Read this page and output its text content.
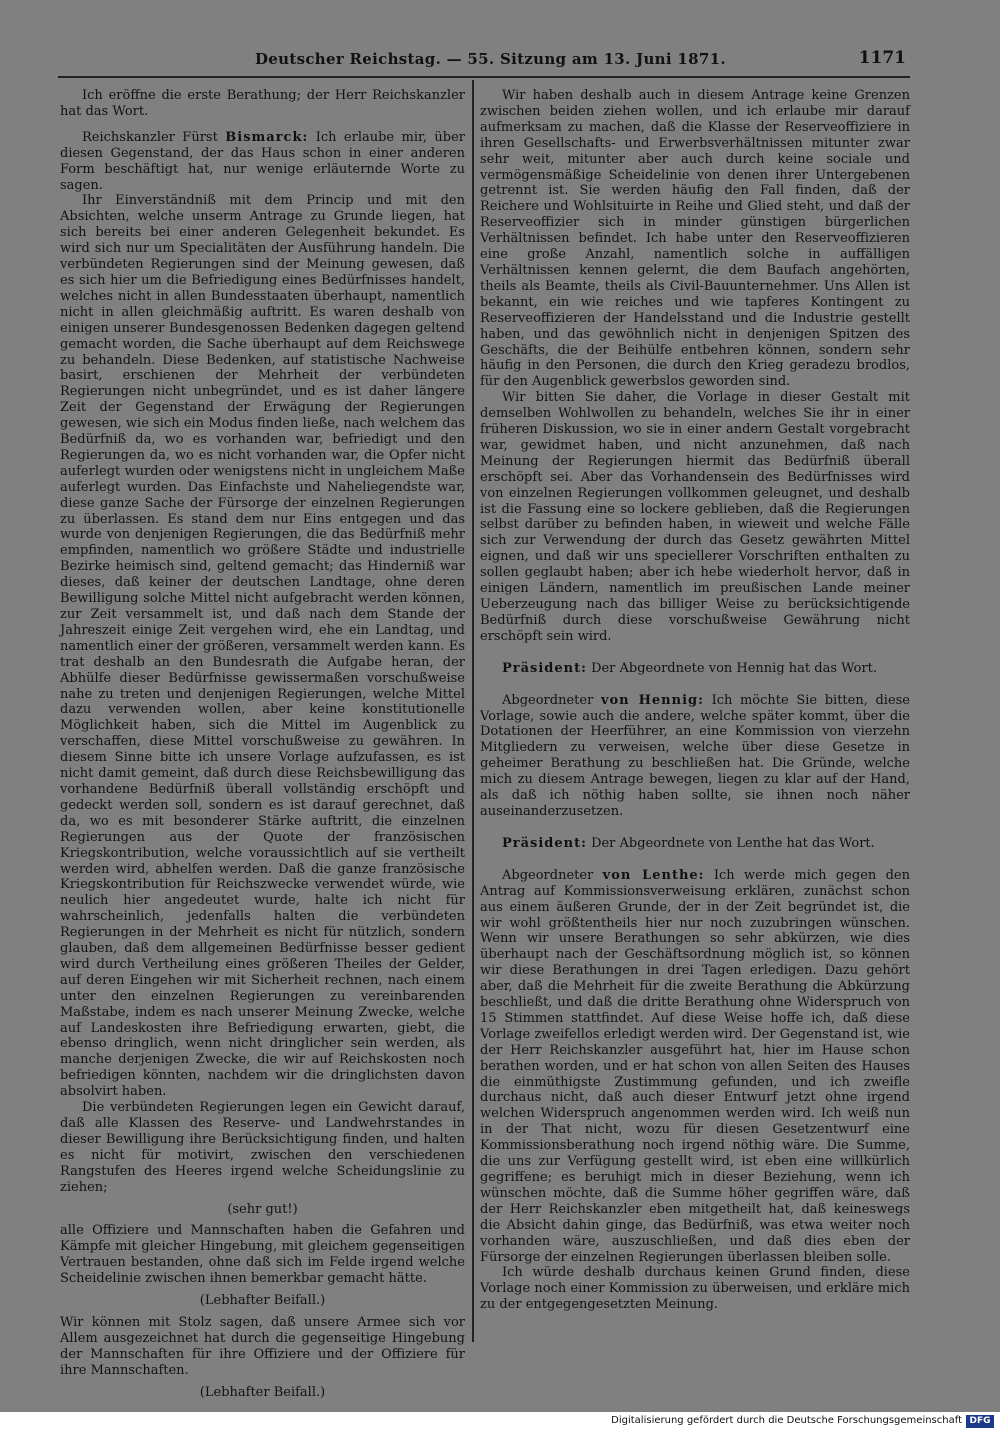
Deutscher Reichstag. — 55. Sitzung am 13. Juni 1871.	1171

Ich eröffne die erste Berathung; der Herr Reichskanzler hat das Wort.

Reichskanzler Fürst Bismarck: Ich erlaube mir, über diesen Gegenstand, der das Haus schon in einer anderen Form beschäftigt hat, nur wenige erläuternde Worte zu sagen.

Ihr Einverständniß mit dem Princip und mit den Absichten, welche unserm Antrage zu Grunde liegen, hat sich bereits bei einer anderen Gelegenheit bekundet. Es wird sich nur um Specialitäten der Ausführung handeln. Die verbündeten Regierungen sind der Meinung gewesen, daß es sich hier um die Befriedigung eines Bedürfnisses handelt, welches nicht in allen Bundesstaaten überhaupt, namentlich nicht in allen gleichmäßig auftritt. Es waren deshalb von einigen unserer Bundesgenossen Bedenken dagegen geltend gemacht worden, die Sache überhaupt auf dem Reichswege zu behandeln. Diese Bedenken, auf statistische Nachweise basirt, erschienen der Mehrheit der verbündeten Regierungen nicht unbegründet, und es ist daher längere Zeit der Gegenstand der Erwägung der Regierungen gewesen, wie sich ein Modus finden ließe, nach welchem das Bedürfniß da, wo es vorhanden war, befriedigt und den Regierungen da, wo es nicht vorhanden war, die Opfer nicht auferlegt wurden oder wenigstens nicht in ungleichem Maße auferlegt wurden. Das Einfachste und Naheliegendste war, diese ganze Sache der Fürsorge der einzelnen Regierungen zu überlassen. Es stand dem nur Eins entgegen und das wurde von denjenigen Regierungen, die das Bedürfniß mehr empfinden, namentlich wo größere Städte und industrielle Bezirke heimisch sind, geltend gemacht; das Hinderniß war dieses, daß keiner der deutschen Landtage, ohne deren Bewilligung solche Mittel nicht aufgebracht werden können, zur Zeit versammelt ist, und daß nach dem Stande der Jahreszeit einige Zeit vergehen wird, ehe ein Landtag, und namentlich einer der größeren, versammelt werden kann. Es trat deshalb an den Bundesrath die Aufgabe heran, der Abhülfe dieser Bedürfnisse gewissermaßen vorschußweise nahe zu treten und denjenigen Regierungen, welche Mittel dazu verwenden wollen, aber keine konstitutionelle Möglichkeit haben, sich die Mittel im Augenblick zu verschaffen, diese Mittel vorschußweise zu gewähren. In diesem Sinne bitte ich unsere Vorlage aufzufassen, es ist nicht damit gemeint, daß durch diese Reichsbewilligung das vorhandene Bedürfniß überall vollständig erschöpft und gedeckt werden soll, sondern es ist darauf gerechnet, daß da, wo es mit besonderer Stärke auftritt, die einzelnen Regierungen aus der Quote der französischen Kriegskontribution, welche voraussichtlich auf sie vertheilt werden wird, abhelfen werden. Daß die ganze französische Kriegskontribution für Reichszwecke verwendet würde, wie neulich hier angedeutet wurde, halte ich nicht für wahrscheinlich, jedenfalls halten die verbündeten Regierungen in der Mehrheit es nicht für nützlich, sondern glauben, daß dem allgemeinen Bedürfnisse besser gedient wird durch Vertheilung eines größeren Theiles der Gelder, auf deren Eingehen wir mit Sicherheit rechnen, nach einem unter den einzelnen Regierungen zu vereinbarenden Maßstabe, indem es nach unserer Meinung Zwecke, welche auf Landeskosten ihre Befriedigung erwarten, giebt, die ebenso dringlich, wenn nicht dringlicher sein werden, als manche derjenigen Zwecke, die wir auf Reichskosten noch befriedigen könnten, nachdem wir die dringlichsten davon absolvirt haben.

Die verbündeten Regierungen legen ein Gewicht darauf, daß alle Klassen des Reserve- und Landwehrstandes in dieser Bewilligung ihre Berücksichtigung finden, und halten es nicht für motivirt, zwischen den verschiedenen Rangstufen des Heeres irgend welche Scheidungslinie zu ziehen;

(sehr gut!)

alle Offiziere und Mannschaften haben die Gefahren und Kämpfe mit gleicher Hingebung, mit gleichem gegenseitigen Vertrauen bestanden, ohne daß sich im Felde irgend welche Scheidelinie zwischen ihnen bemerkbar gemacht hätte.

(Lebhafter Beifall.)

Wir können mit Stolz sagen, daß unsere Armee sich vor Allem ausgezeichnet hat durch die gegenseitige Hingebung der Mannschaften für ihre Offiziere und der Offiziere für ihre Mannschaften.

(Lebhafter Beifall.)

Wir haben deshalb auch in diesem Antrage keine Grenzen zwischen beiden ziehen wollen, und ich erlaube mir darauf aufmerksam zu machen, daß die Klasse der Reserveoffiziere in ihren Gesellschafts- und Erwerbsverhältnissen mitunter zwar sehr weit, mitunter aber auch durch keine sociale und vermögensmäßige Scheidelinie von denen ihrer Untergebenen getrennt ist. Sie werden häufig den Fall finden, daß der Reichere und Wohlsituirte in Reihe und Glied steht, und daß der Reserveoffizier sich in minder günstigen bürgerlichen Verhältnissen befindet. Ich habe unter den Reserveoffizieren eine große Anzahl, namentlich solche in auffälligen Verhältnissen kennen gelernt, die dem Baufach angehörten, theils als Beamte, theils als Civil-Bauunternehmer. Uns Allen ist bekannt, ein wie reiches und wie tapferes Kontingent zu Reserveoffizieren der Handelsstand und die Industrie gestellt haben, und das gewöhnlich nicht in denjenigen Spitzen des Geschäfts, die der Beihülfe entbehren können, sondern sehr häufig in den Personen, die durch den Krieg geradezu brodlos, für den Augenblick gewerbslos geworden sind.

Wir bitten Sie daher, die Vorlage in dieser Gestalt mit demselben Wohlwollen zu behandeln, welches Sie ihr in einer früheren Diskussion, wo sie in einer andern Gestalt vorgebracht war, gewidmet haben, und nicht anzunehmen, daß nach Meinung der Regierungen hiermit das Bedürfniß überall erschöpft sei. Aber das Vorhandensein des Bedürfnisses wird von einzelnen Regierungen vollkommen geleugnet, und deshalb ist die Fassung eine so lockere geblieben, daß die Regierungen selbst darüber zu befinden haben, in wieweit und welche Fälle sich zur Verwendung der durch das Gesetz gewährten Mittel eignen, und daß wir uns speciellerer Vorschriften enthalten zu sollen geglaubt haben; aber ich hebe wiederholt hervor, daß in einigen Ländern, namentlich im preußischen Lande meiner Ueberzeugung nach das billiger Weise zu berücksichtigende Bedürfniß durch diese vorschußweise Gewährung nicht erschöpft sein wird.

Präsident: Der Abgeordnete von Hennig hat das Wort.

Abgeordneter von Hennig: Ich möchte Sie bitten, diese Vorlage, sowie auch die andere, welche später kommt, über die Dotationen der Heerführer, an eine Kommission von vierzehn Mitgliedern zu verweisen, welche über diese Gesetze in geheimer Berathung zu beschließen hat. Die Gründe, welche mich zu diesem Antrage bewegen, liegen zu klar auf der Hand, als daß ich nöthig haben sollte, sie ihnen noch näher auseinanderzusetzen.

Präsident: Der Abgeordnete von Lenthe hat das Wort.

Abgeordneter von Lenthe: Ich werde mich gegen den Antrag auf Kommissionsverweisung erklären, zunächst schon aus einem äußeren Grunde, der in der Zeit begründet ist, die wir wohl größtentheils hier nur noch zuzubringen wünschen. Wenn wir unsere Berathungen so sehr abkürzen, wie dies überhaupt nach der Geschäftsordnung möglich ist, so können wir diese Berathungen in drei Tagen erledigen. Dazu gehört aber, daß die Mehrheit für die zweite Berathung die Abkürzung beschließt, und daß die dritte Berathung ohne Widerspruch von 15 Stimmen stattfindet. Auf diese Weise hoffe ich, daß diese Vorlage zweifellos erledigt werden wird. Der Gegenstand ist, wie der Herr Reichskanzler ausgeführt hat, hier im Hause schon berathen worden, und er hat schon von allen Seiten des Hauses die einmüthigste Zustimmung gefunden, und ich zweifle durchaus nicht, daß auch dieser Entwurf jetzt ohne irgend welchen Widerspruch angenommen werden wird. Ich weiß nun in der That nicht, wozu für diesen Gesetzentwurf eine Kommissionsberathung noch irgend nöthig wäre. Die Summe, die uns zur Verfügung gestellt wird, ist eben eine willkürlich gegriffene; es beruhigt mich in dieser Beziehung, wenn ich wünschen möchte, daß die Summe höher gegriffen wäre, daß der Herr Reichskanzler eben mitgetheilt hat, daß keineswegs die Absicht dahin ginge, das Bedürfniß, was etwa weiter noch vorhanden wäre, auszuschließen, und daß dies eben der Fürsorge der einzelnen Regierungen überlassen bleiben solle.

Ich würde deshalb durchaus keinen Grund finden, diese Vorlage noch einer Kommission zu überweisen, und erkläre mich zu der entgegengesetzten Meinung.

Digitalisierung gefördert durch die Deutsche Forschungsgemeinschaft DFG
